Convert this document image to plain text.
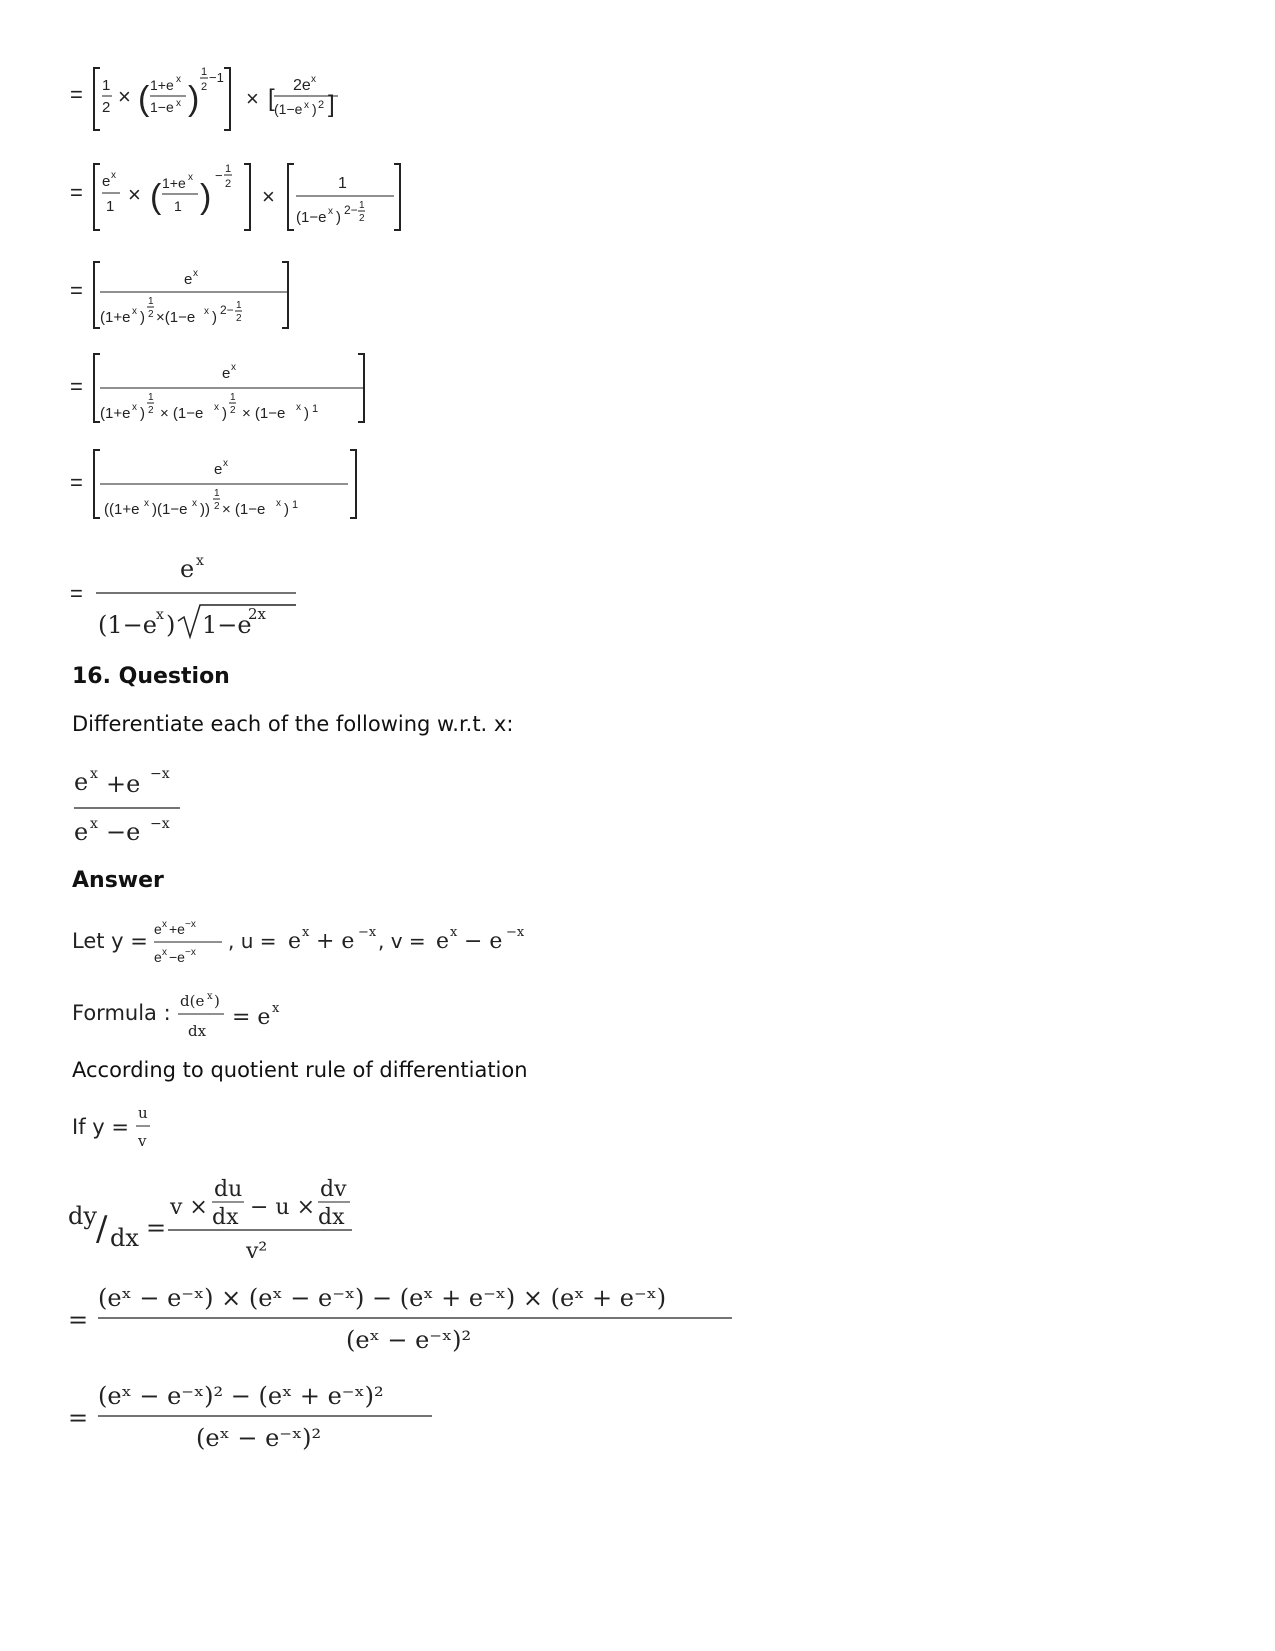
= 1
2 × ( 1+e x
1−e x )
1
2
−1
× [ 2e x
(1−e x ) 2 ]
= e x
1 × ( 1+e x
1 )
− 1
2 ×
1
(1−e x ) 2− 1
2
=	e x
(1+e x )
1
2 ×(1−e x ) 2− 1
2
=
e x
(1+e x )
1
2 × (1−e x )
1
2 × (1−e x ) 1
=
e x
((1+e x )(1−e x ))
1
2 × (1−e x ) 1
=
e x
(1−e x ) 1−e
2x
16. Question
Differentiate each of the following w.r.t. x:
e x +e −x
e x −e −x
Answer
Let y = e x +e −x
e x −e −x , u = e x + e −x , v = e x − e −x
Formula : d(e x )
dx
= e x
According to quotient rule of differentiation
If y =
u
v
dy / dx =
v ×
du
dx − u ×
dv
dx
v²
=
(eˣ − e⁻ˣ) × (eˣ − e⁻ˣ) − (eˣ + e⁻ˣ) × (eˣ + e⁻ˣ)
(eˣ − e⁻ˣ)²
=
(eˣ − e⁻ˣ)² − (eˣ + e⁻ˣ)²
(eˣ − e⁻ˣ)²
